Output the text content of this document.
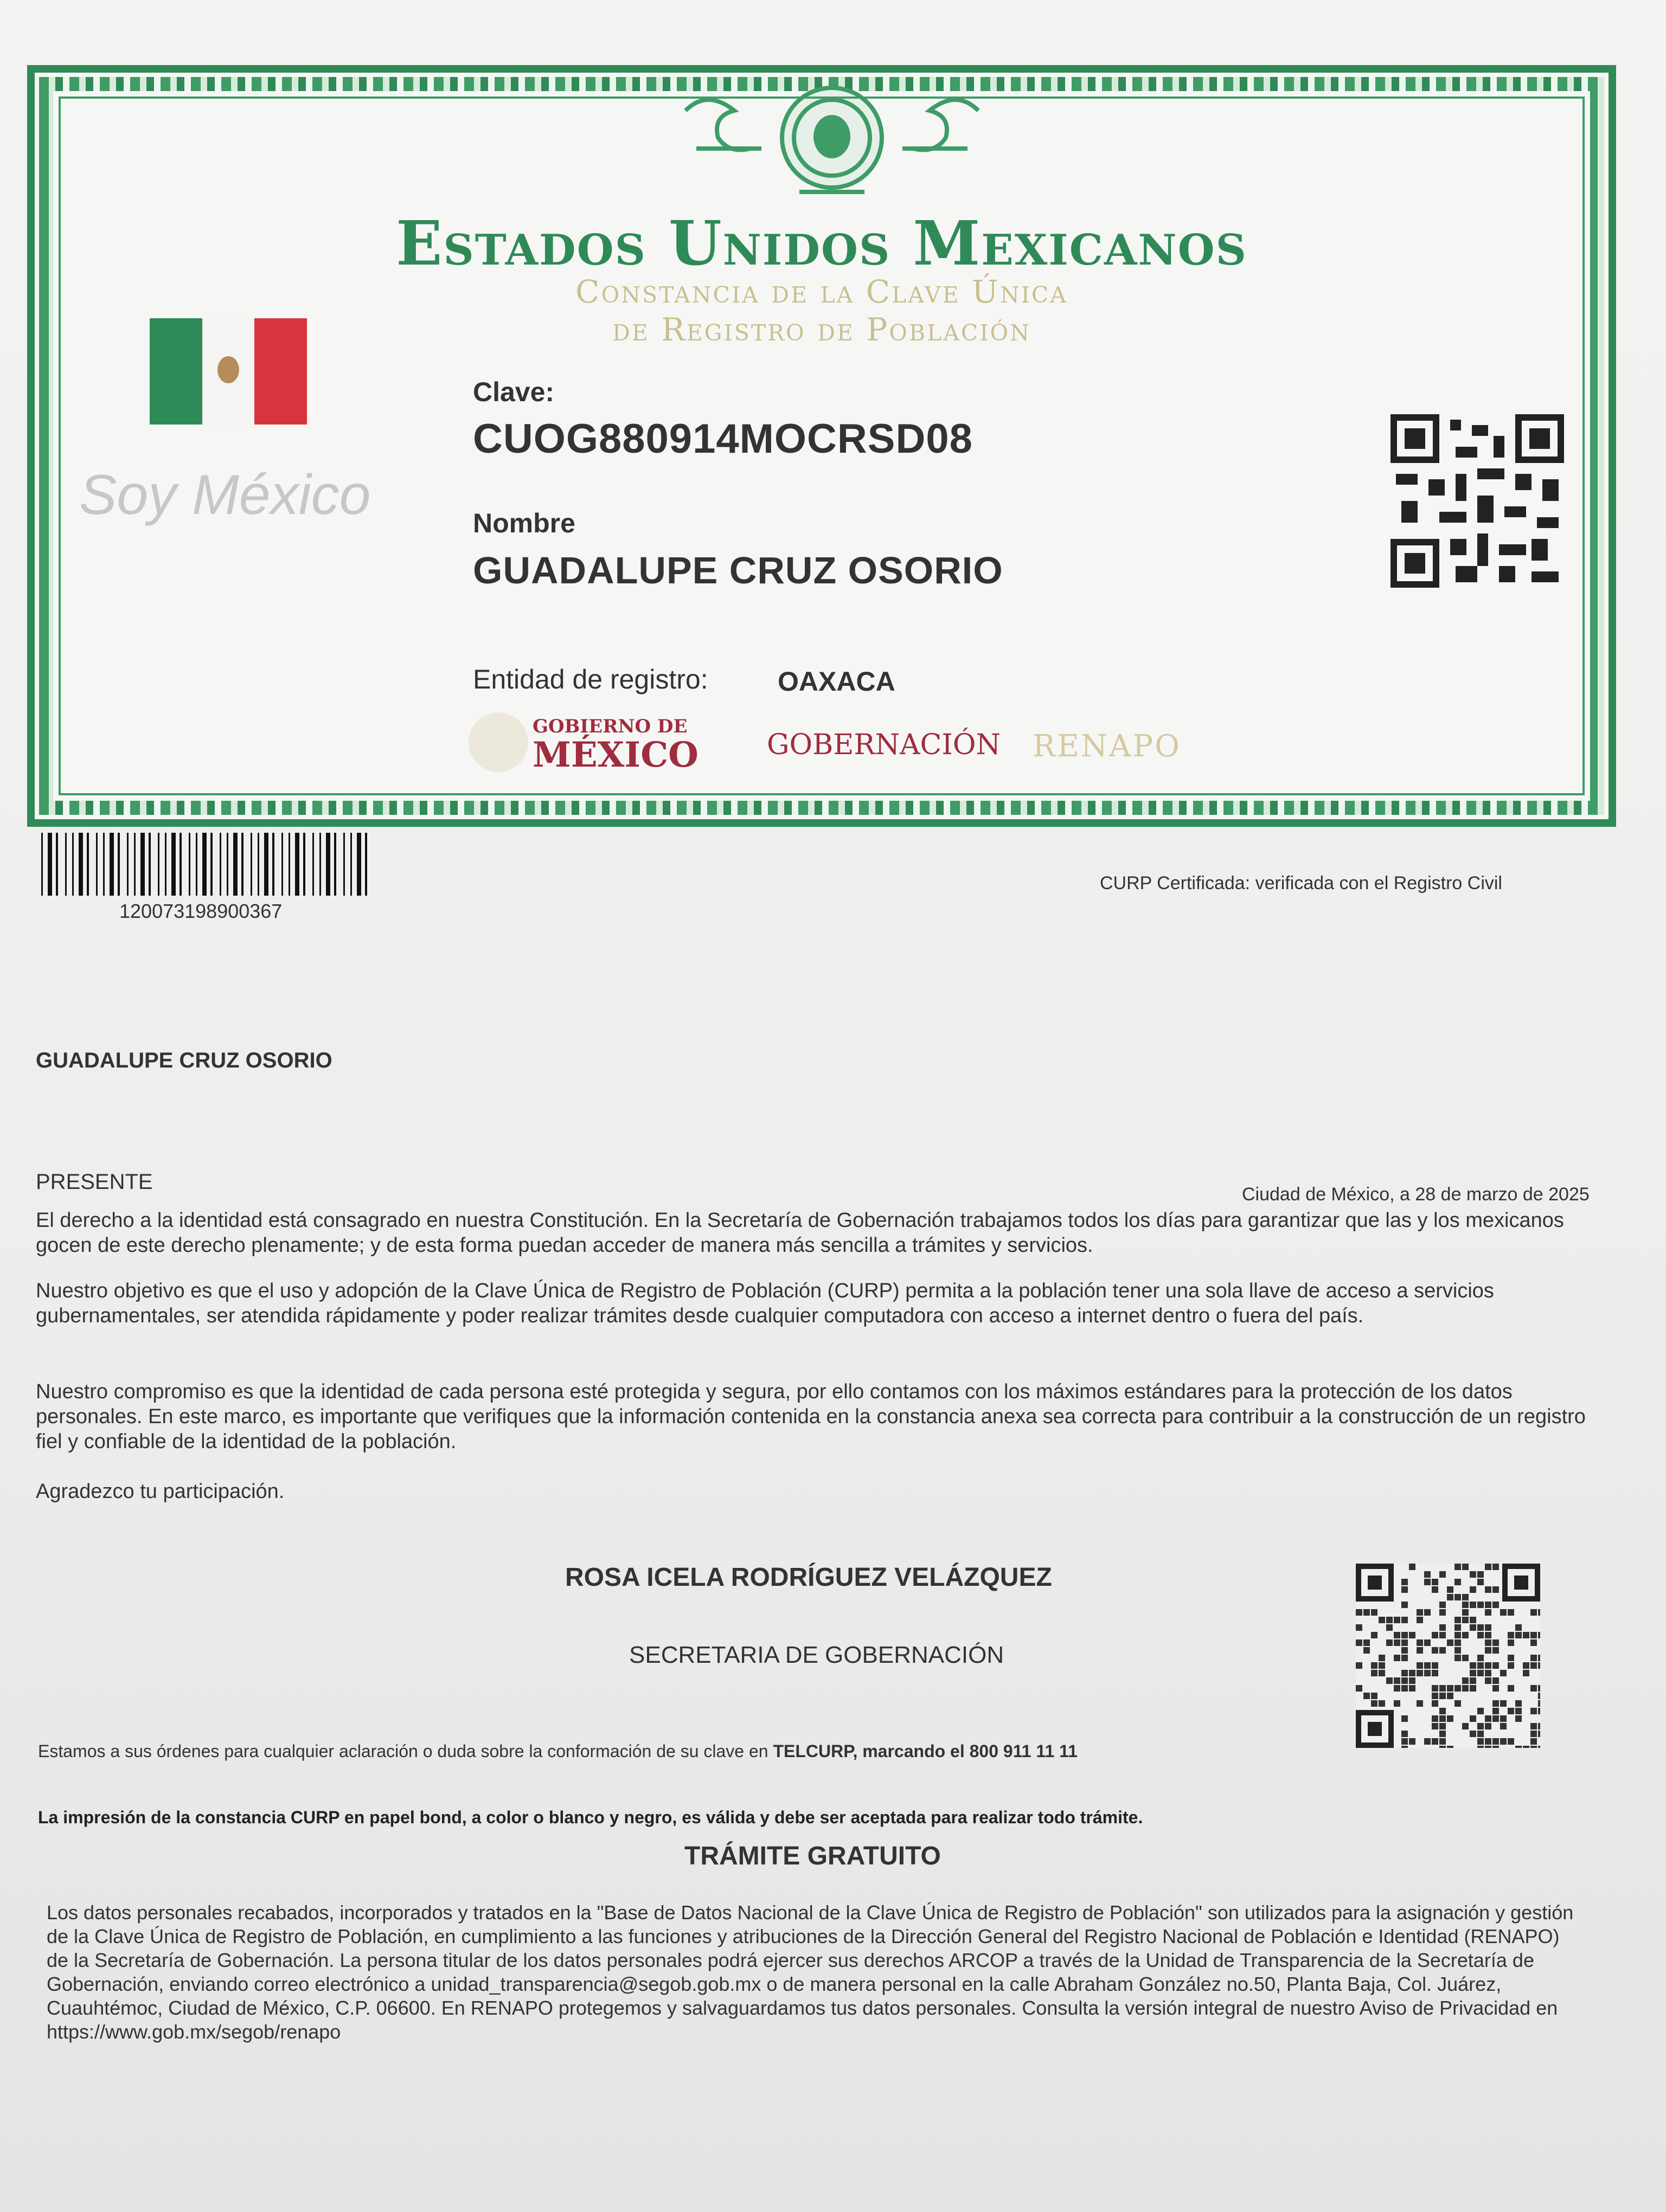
Estados Unidos Mexicanos
Constancia de la Clave Única
de Registro de Población
Soy México
Clave:
CUOG880914MOCRSD08
Nombre
GUADALUPE CRUZ OSORIO
Entidad de registro:	OAXACA
GOBIERNO DE
MÉXICO GOBERNACIÓN RENAPO
120073198900367
CURP Certificada: verificada con el Registro Civil
GUADALUPE CRUZ OSORIO
PRESENTE
Ciudad de México, a 28 de marzo de 2025
El derecho a la identidad está consagrado en nuestra Constitución. En la Secretaría de Gobernación trabajamos todos los días para garantizar que las y los mexicanos gocen de este derecho plenamente; y de esta forma puedan acceder de manera más sencilla a trámites y servicios.
Nuestro objetivo es que el uso y adopción de la Clave Única de Registro de Población (CURP) permita a la población tener una sola llave de acceso a servicios gubernamentales, ser atendida rápidamente y poder realizar trámites desde cualquier computadora con acceso a internet dentro o fuera del país.
Nuestro compromiso es que la identidad de cada persona esté protegida y segura, por ello contamos con los máximos estándares para la protección de los datos personales. En este marco, es importante que verifiques que la información contenida en la constancia anexa sea correcta para contribuir a la construcción de un registro fiel y confiable de la identidad de la población.
Agradezco tu participación.
ROSA ICELA RODRÍGUEZ VELÁZQUEZ
SECRETARIA DE GOBERNACIÓN
Estamos a sus órdenes para cualquier aclaración o duda sobre la conformación de su clave en TELCURP, marcando el 800 911 11 11
La impresión de la constancia CURP en papel bond, a color o blanco y negro, es válida y debe ser aceptada para realizar todo trámite.
TRÁMITE GRATUITO
Los datos personales recabados, incorporados y tratados en la "Base de Datos Nacional de la Clave Única de Registro de Población" son utilizados para la asignación y gestión de la Clave Única de Registro de Población, en cumplimiento a las funciones y atribuciones de la Dirección General del Registro Nacional de Población e Identidad (RENAPO) de la Secretaría de Gobernación. La persona titular de los datos personales podrá ejercer sus derechos ARCOP a través de la Unidad de Transparencia de la Secretaría de Gobernación, enviando correo electrónico a unidad_transparencia@segob.gob.mx o de manera personal en la calle Abraham González no.50, Planta Baja, Col. Juárez, Cuauhtémoc, Ciudad de México, C.P. 06600. En RENAPO protegemos y salvaguardamos tus datos personales. Consulta la versión integral de nuestro Aviso de Privacidad en https://www.gob.mx/segob/renapo
